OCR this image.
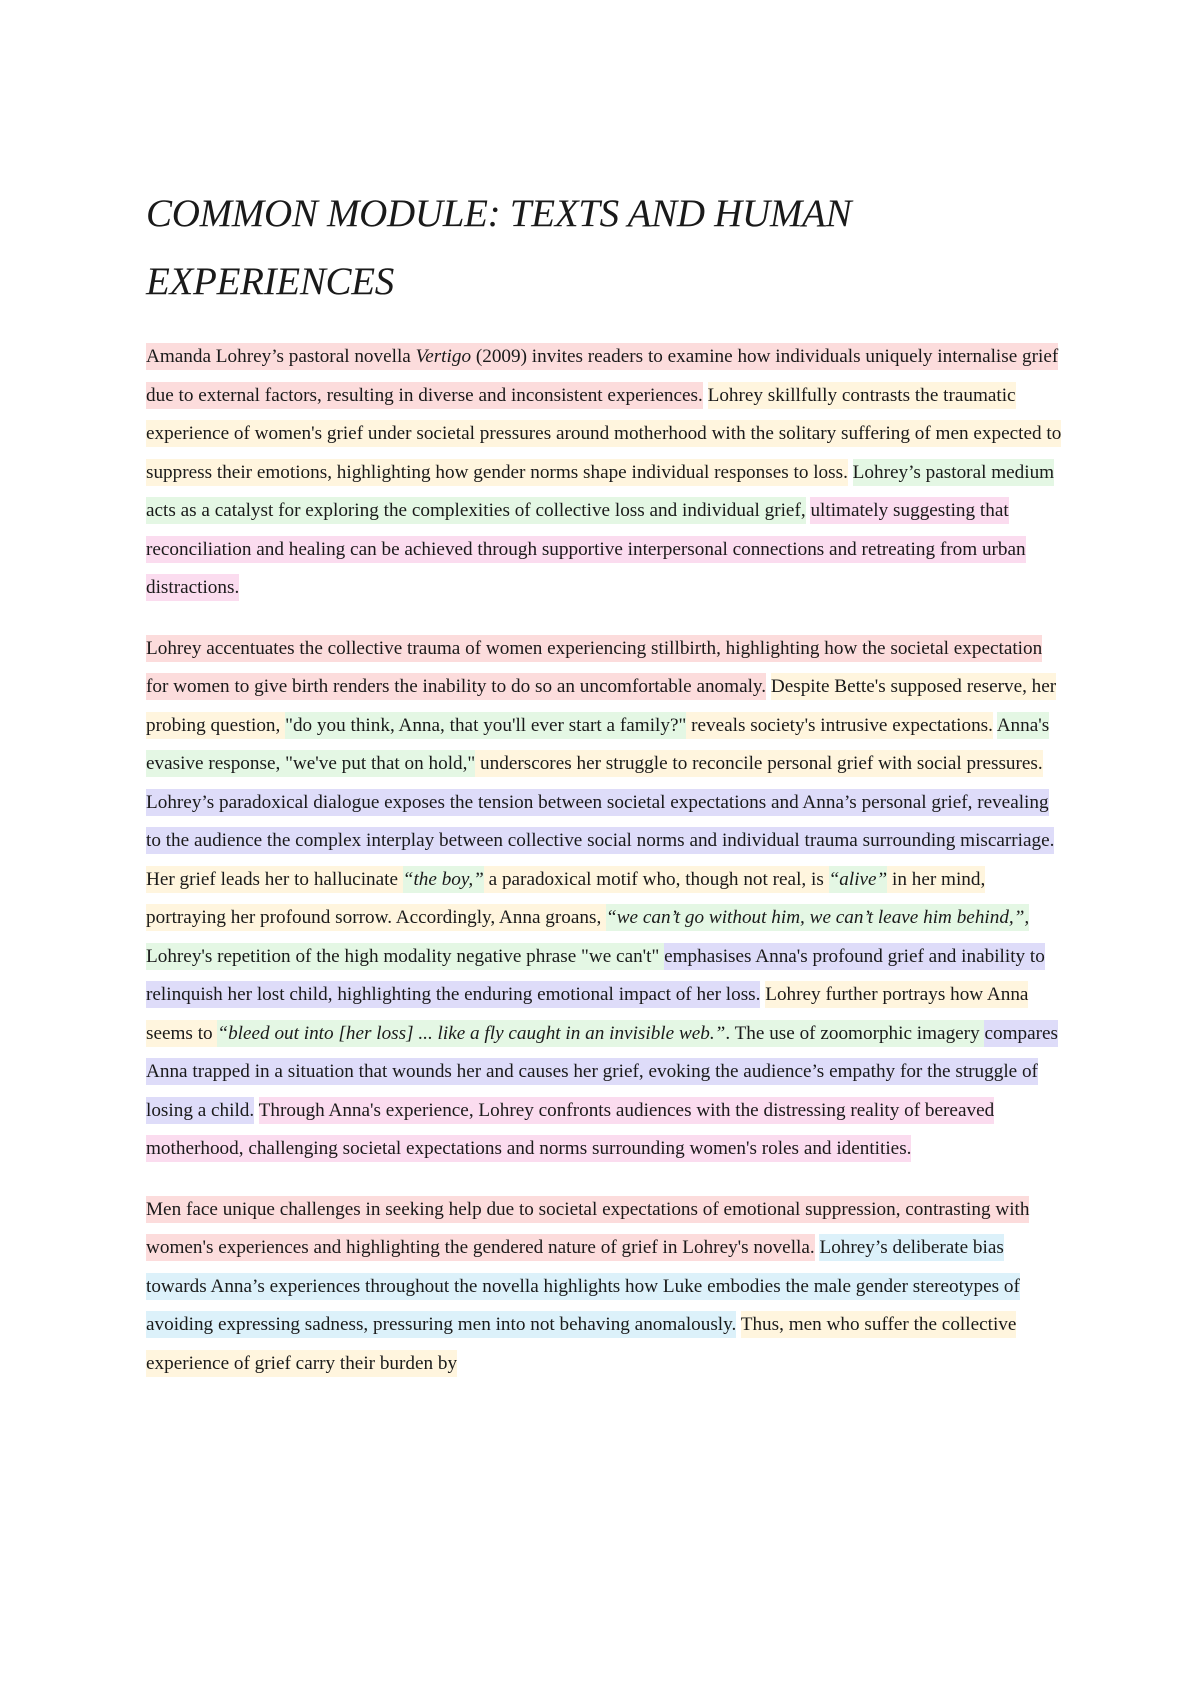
COMMON MODULE: TEXTS AND HUMAN EXPERIENCES

Amanda Lohrey’s pastoral novella Vertigo (2009) invites readers to examine how individuals uniquely internalise grief due to external factors, resulting in diverse and inconsistent experiences. Lohrey skillfully contrasts the traumatic experience of women's grief under societal pressures around motherhood with the solitary suffering of men expected to suppress their emotions, highlighting how gender norms shape individual responses to loss. Lohrey’s pastoral medium acts as a catalyst for exploring the complexities of collective loss and individual grief, ultimately suggesting that reconciliation and healing can be achieved through supportive interpersonal connections and retreating from urban distractions.

Lohrey accentuates the collective trauma of women experiencing stillbirth, highlighting how the societal expectation for women to give birth renders the inability to do so an uncomfortable anomaly. Despite Bette's supposed reserve, her probing question, "do you think, Anna, that you'll ever start a family?" reveals society's intrusive expectations. Anna's evasive response, "we've put that on hold," underscores her struggle to reconcile personal grief with social pressures. Lohrey’s paradoxical dialogue exposes the tension between societal expectations and Anna’s personal grief, revealing to the audience the complex interplay between collective social norms and individual trauma surrounding miscarriage. Her grief leads her to hallucinate “the boy,” a paradoxical motif who, though not real, is “alive” in her mind, portraying her profound sorrow. Accordingly, Anna groans, “we can’t go without him, we can’t leave him behind,”, Lohrey's repetition of the high modality negative phrase "we can't" emphasises Anna's profound grief and inability to relinquish her lost child, highlighting the enduring emotional impact of her loss. Lohrey further portrays how Anna seems to “bleed out into [her loss] ... like a fly caught in an invisible web.”. The use of zoomorphic imagery compares Anna trapped in a situation that wounds her and causes her grief, evoking the audience’s empathy for the struggle of losing a child. Through Anna's experience, Lohrey confronts audiences with the distressing reality of bereaved motherhood, challenging societal expectations and norms surrounding women's roles and identities.

Men face unique challenges in seeking help due to societal expectations of emotional suppression, contrasting with women's experiences and highlighting the gendered nature of grief in Lohrey's novella. Lohrey’s deliberate bias towards Anna’s experiences throughout the novella highlights how Luke embodies the male gender stereotypes of avoiding expressing sadness, pressuring men into not behaving anomalously. Thus, men who suffer the collective experience of grief carry their burden by
